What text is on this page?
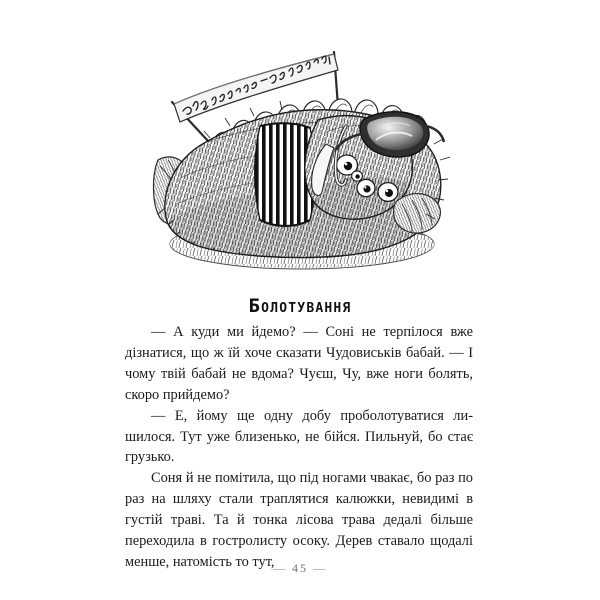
Болотування

— А куди ми йдемо? — Соні не терпілося вже дізнатися, що ж їй хоче сказати Чудовиськів бабай. — І чому твій бабай не вдома? Чуєш, Чу, вже ноги болять, скоро прийдемо?

— Е, йому ще одну добу проболотуватися лишилося. Тут уже близенько, не бійся. Пильнуй, бо стає грузько.

Соня й не помітила, що під ногами чвакає, бо раз по раз на шляху стали траплятися калюжки, невидимі в густій траві. Та й тонка лісова трава дедалі більше переходила в гостролисту осоку. Дерев ставало щодалі менше, натомість то тут,

— 45 —
